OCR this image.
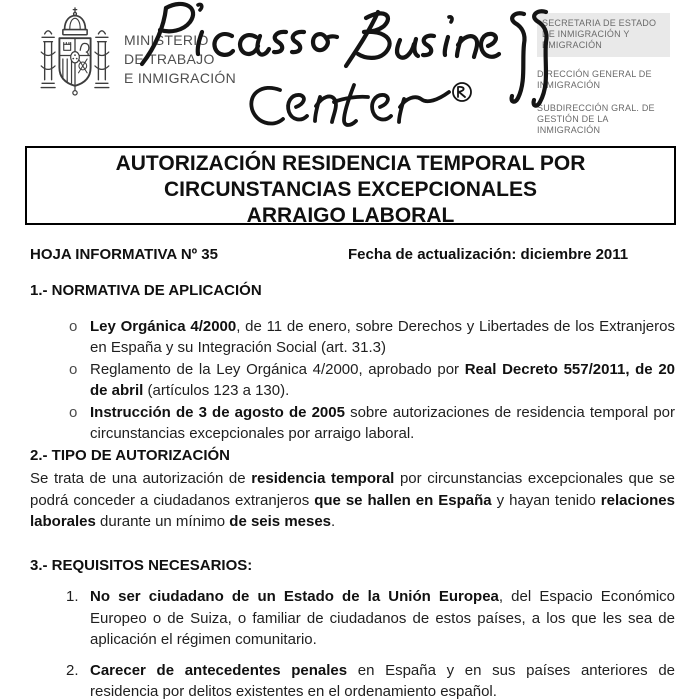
MINISTERIO
DE TRABAJO
E INMIGRACIÓN
SECRETARIA DE ESTADO DE INMIGRACIÓN Y EMIGRACIÓN
DIRECCIÓN GENERAL DE INMIGRACIÓN
SUBDIRECCIÓN GRAL. DE GESTIÓN DE LA INMIGRACIÓN
AUTORIZACIÓN RESIDENCIA TEMPORAL POR
CIRCUNSTANCIAS EXCEPCIONALES
ARRAIGO LABORAL
HOJA INFORMATIVA Nº 35	Fecha de actualización: diciembre 2011
1.- NORMATIVA DE APLICACIÓN
o Ley Orgánica 4/2000, de 11 de enero, sobre Derechos y Libertades de los Extranjeros en España y su Integración Social (art. 31.3)
o Reglamento de la Ley Orgánica 4/2000, aprobado por Real Decreto 557/2011, de 20 de abril (artículos 123 a 130).
o Instrucción de 3 de agosto de 2005 sobre autorizaciones de residencia temporal por circunstancias excepcionales por arraigo laboral.
2.- TIPO DE AUTORIZACIÓN

Se trata de una autorización de residencia temporal por circunstancias excepcionales que se podrá conceder a ciudadanos extranjeros que se hallen en España y hayan tenido relaciones laborales durante un mínimo de seis meses.

3.- REQUISITOS NECESARIOS:
1. No ser ciudadano de un Estado de la Unión Europea, del Espacio Económico Europeo o de Suiza, o familiar de ciudadanos de estos países, a los que les sea de aplicación el régimen comunitario.
2. Carecer de antecedentes penales en España y en sus países anteriores de residencia por delitos existentes en el ordenamiento español.
